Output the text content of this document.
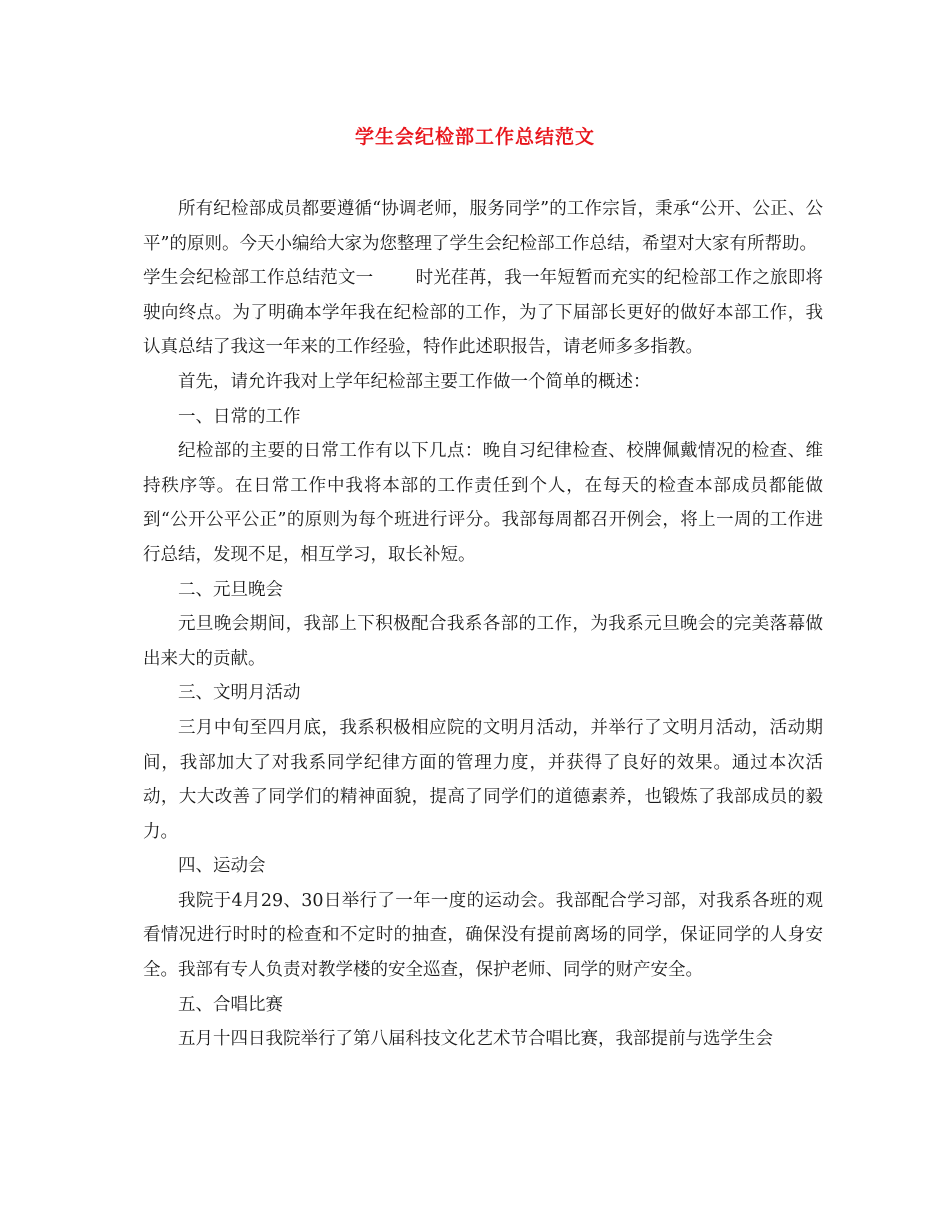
学生会纪检部工作总结范文

所有纪检部成员都要遵循“协调老师，服务同学”的工作宗旨，秉承“公开、公正、公平”的原则。今天小编给大家为您整理了学生会纪检部工作总结，希望对大家有所帮助。

学生会纪检部工作总结范文一 时光荏苒，我一年短暂而充实的纪检部工作之旅即将驶向终点。为了明确本学年我在纪检部的工作，为了下届部长更好的做好本部工作，我认真总结了我这一年来的工作经验，特作此述职报告，请老师多多指教。

首先，请允许我对上学年纪检部主要工作做一个简单的概述：

一、日常的工作

纪检部的主要的日常工作有以下几点：晚自习纪律检查、校牌佩戴情况的检查、维持秩序等。在日常工作中我将本部的工作责任到个人，在每天的检查本部成员都能做到“公开公平公正”的原则为每个班进行评分。我部每周都召开例会，将上一周的工作进行总结，发现不足，相互学习，取长补短。

二、元旦晚会

元旦晚会期间，我部上下积极配合我系各部的工作，为我系元旦晚会的完美落幕做出来大的贡献。

三、文明月活动

三月中旬至四月底，我系积极相应院的文明月活动，并举行了文明月活动，活动期间，我部加大了对我系同学纪律方面的管理力度，并获得了良好的效果。通过本次活动，大大改善了同学们的精神面貌，提高了同学们的道德素养，也锻炼了我部成员的毅力。

四、运动会

我院于4月29、30日举行了一年一度的运动会。我部配合学习部，对我系各班的观看情况进行时时的检查和不定时的抽查，确保没有提前离场的同学，保证同学的人身安全。我部有专人负责对教学楼的安全巡查，保护老师、同学的财产安全。

五、合唱比赛

五月十四日我院举行了第八届科技文化艺术节合唱比赛，我部提前与选学生会
